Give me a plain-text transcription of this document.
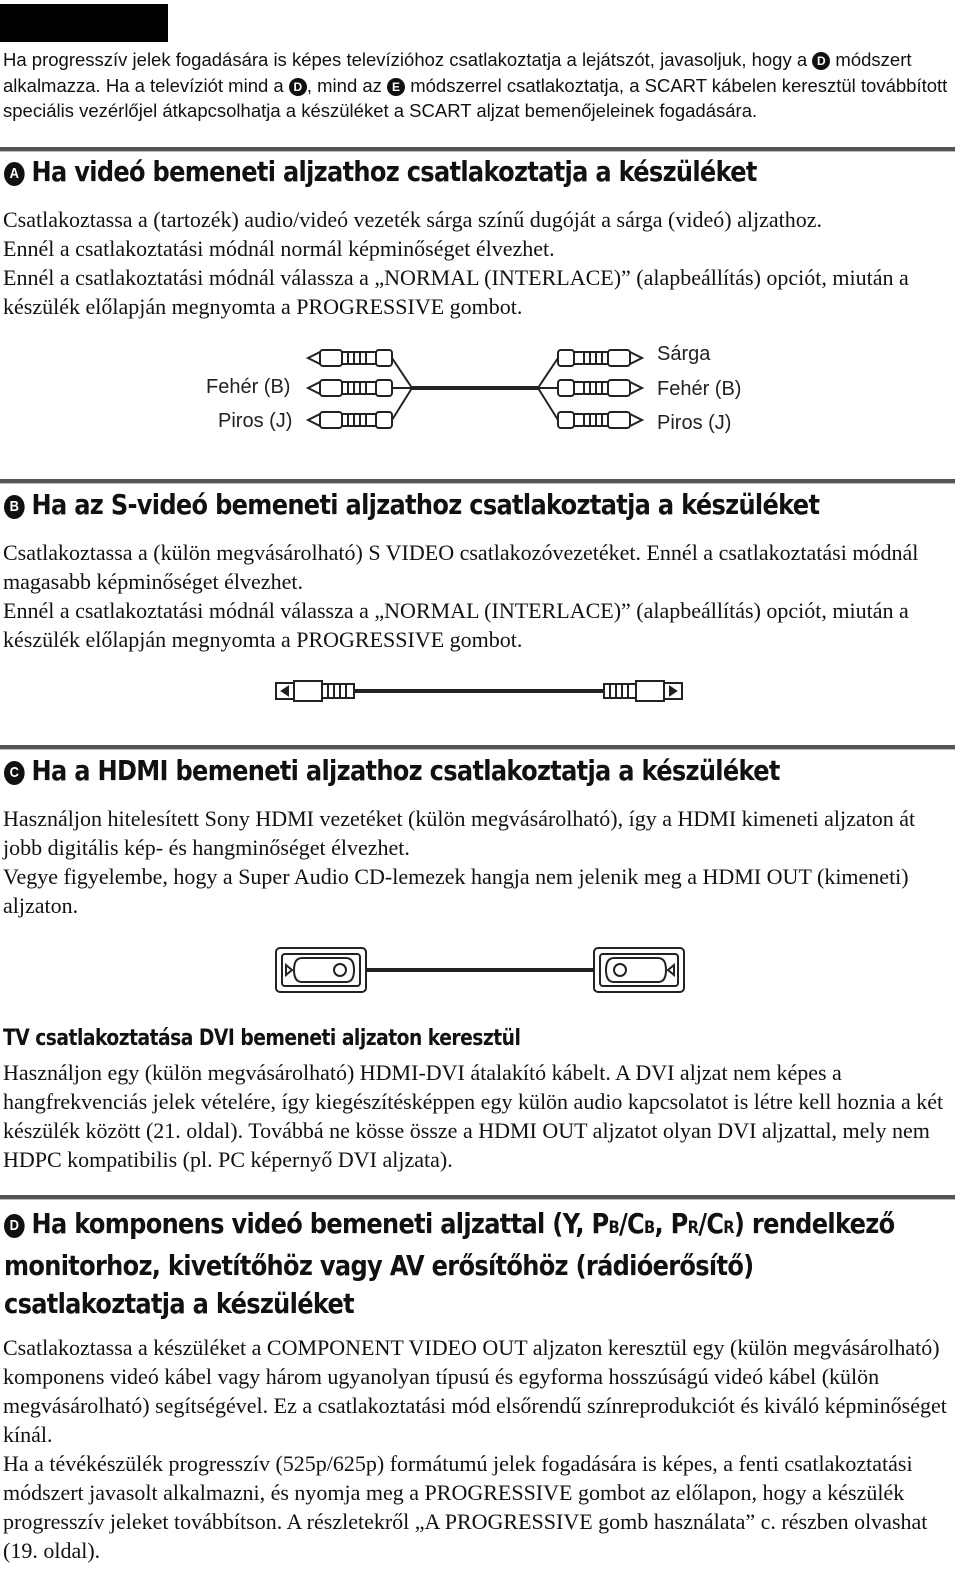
Ha progresszív jelek fogadására is képes televízióhoz csatlakoztatja a lejátszót, javasoljuk, hogy a D módszert alkalmazza. Ha a televíziót mind a D , mind az E módszerrel csatlakoztatja, a SCART kábelen keresztül továbbított speciális vezérlőjel átkapcsolhatja a készüléket a SCART aljzat bemenőjeleinek fogadására.
A Ha videó bemeneti aljzathoz csatlakoztatja a készüléket

Csatlakoztassa a (tartozék) audio/videó vezeték sárga színű dugóját a sárga (videó) aljzathoz.

Ennél a csatlakoztatási módnál normál képminőséget élvezhet.

Ennél a csatlakoztatási módnál válassza a „NORMAL (INTERLACE)” (alapbeállítás) opciót, miután a készülék előlapján megnyomta a PROGRESSIVE gombot.

Fehér (B)
Piros (J)
Sárga
Fehér (B)
Piros (J)
B Ha az S-videó bemeneti aljzathoz csatlakoztatja a készüléket

Csatlakoztassa a (külön megvásárolható) S VIDEO csatlakozóvezetéket. Ennél a csatlakoztatási módnál magasabb képminőséget élvezhet.

Ennél a csatlakoztatási módnál válassza a „NORMAL (INTERLACE)” (alapbeállítás) opciót, miután a készülék előlapján megnyomta a PROGRESSIVE gombot.

C Ha a HDMI bemeneti aljzathoz csatlakoztatja a készüléket

Használjon hitelesített Sony HDMI vezetéket (külön megvásárolható), így a HDMI kimeneti aljzaton át jobb digitális kép- és hangminőséget élvezhet.

Vegye figyelembe, hogy a Super Audio CD-lemezek hangja nem jelenik meg a HDMI OUT (kimeneti) aljzaton.

TV csatlakoztatása DVI bemeneti aljzaton keresztül

Használjon egy (külön megvásárolható) HDMI-DVI átalakító kábelt. A DVI aljzat nem képes a hangfrekvenciás jelek vételére, így kiegészítésképpen egy külön audio kapcsolatot is létre kell hoznia a két készülék között (21. oldal). Továbbá ne kösse össze a HDMI OUT aljzatot olyan DVI aljzattal, mely nem HDPC kompatibilis (pl. PC képernyő DVI aljzata).

D Ha komponens videó bemeneti aljzattal (Y, PB/CB, PR/CR) rendelkező
monitorhoz, kivetítőhöz vagy AV erősítőhöz (rádióerősítő)
csatlakoztatja a készüléket

Csatlakoztassa a készüléket a COMPONENT VIDEO OUT aljzaton keresztül egy (külön megvásárolható) komponens videó kábel vagy három ugyanolyan típusú és egyforma hosszúságú videó kábel (külön megvásárolható) segítségével. Ez a csatlakoztatási mód elsőrendű színreprodukciót és kiváló képminőséget kínál.

Ha a tévékészülék progresszív (525p/625p) formátumú jelek fogadására is képes, a fenti csatlakoztatási módszert javasolt alkalmazni, és nyomja meg a PROGRESSIVE gombot az előlapon, hogy a készülék progresszív jeleket továbbítson. A részletekről „A PROGRESSIVE gomb használata” c. részben olvashat (19. oldal).
